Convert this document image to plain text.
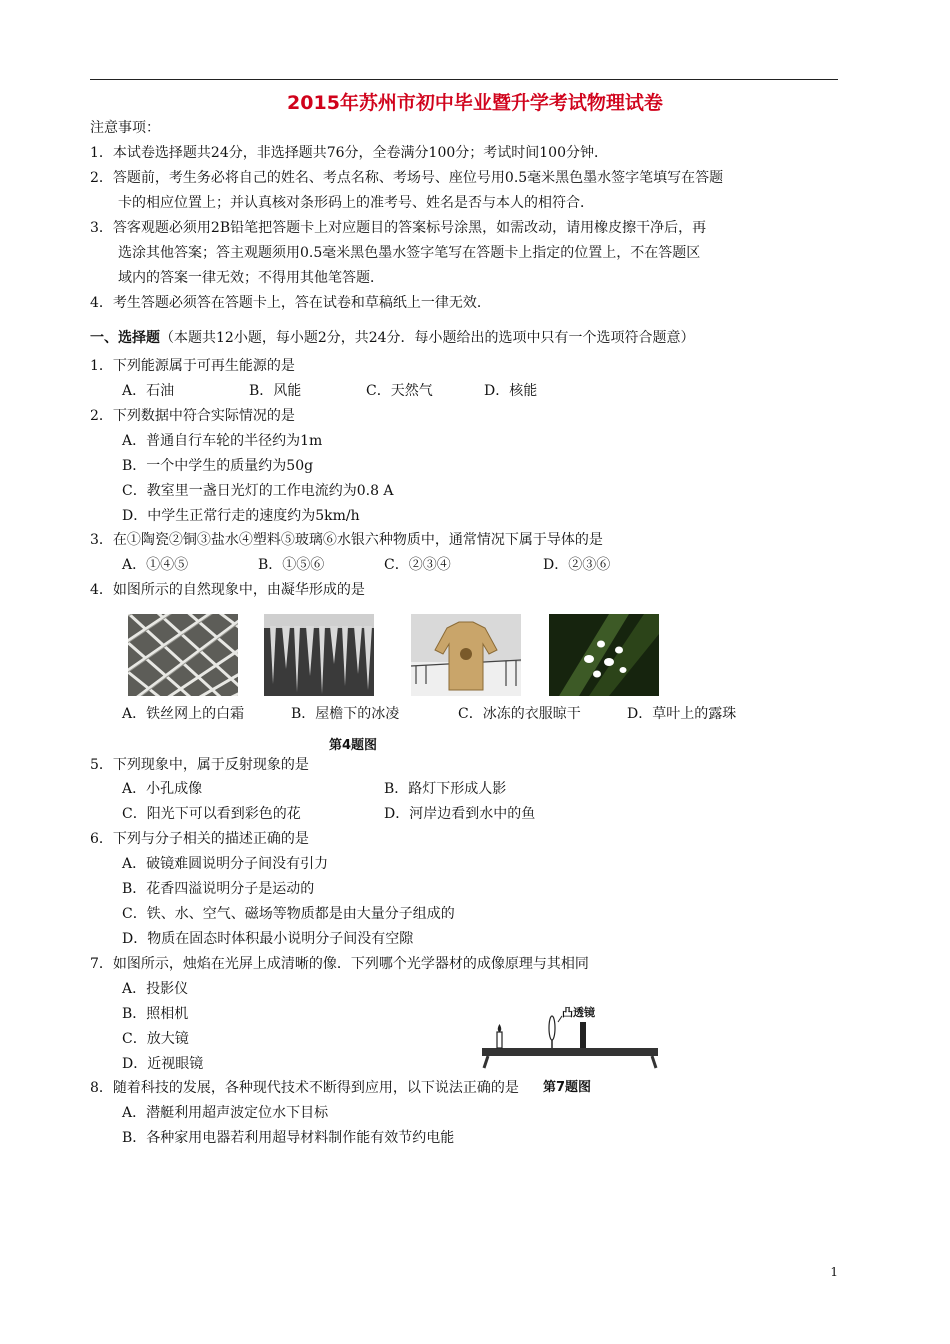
2015年苏州市初中毕业暨升学考试物理试卷
注意事项：
1．本试卷选择题共24分，非选择题共76分，全卷满分100分；考试时间100分钟．
2．答题前，考生务必将自己的姓名、考点名称、考场号、座位号用0.5毫米黑色墨水签字笔填写在答题
卡的相应位置上；并认真核对条形码上的准考号、姓名是否与本人的相符合．
3．答客观题必须用2B铅笔把答题卡上对应题目的答案标号涂黑，如需改动，请用橡皮擦干净后，再
选涂其他答案；答主观题须用0.5毫米黑色墨水签字笔写在答题卡上指定的位置上，不在答题区
域内的答案一律无效；不得用其他笔答题．
4．考生答题必须答在答题卡上，答在试卷和草稿纸上一律无效．
一、选择题（本题共12小题，每小题2分，共24分．每小题给出的选项中只有一个选项符合题意）
1．下列能源属于可再生能源的是
A．石油	B．风能	C．天然气	D．核能
2．下列数据中符合实际情况的是
A．普通自行车轮的半径约为1m
B．一个中学生的质量约为50g
C．教室里一盏日光灯的工作电流约为0.8 A
D．中学生正常行走的速度约为5km/h
3．在①陶瓷②铜③盐水④塑料⑤玻璃⑥水银六种物质中，通常情况下属于导体的是
A．①④⑤	B．①⑤⑥	C．②③④	D．②③⑥
4．如图所示的自然现象中，由凝华形成的是
A．铁丝网上的白霜	B．屋檐下的冰凌	C．冰冻的衣服晾干	D．草叶上的露珠
第4题图
5．下列现象中，属于反射现象的是
A．小孔成像	B．路灯下形成人影
C．阳光下可以看到彩色的花	D．河岸边看到水中的鱼
6．下列与分子相关的描述正确的是
A．破镜难圆说明分子间没有引力
B．花香四溢说明分子是运动的
C．铁、水、空气、磁场等物质都是由大量分子组成的
D．物质在固态时体积最小说明分子间没有空隙
7．如图所示，烛焰在光屏上成清晰的像．下列哪个光学器材的成像原理与其相同
A．投影仪
B．照相机
C．放大镜
D．近视眼镜
凸透镜
第7题图
8．随着科技的发展，各种现代技术不断得到应用，以下说法正确的是
A．潜艇利用超声波定位水下目标
B．各种家用电器若利用超导材料制作能有效节约电能
1
